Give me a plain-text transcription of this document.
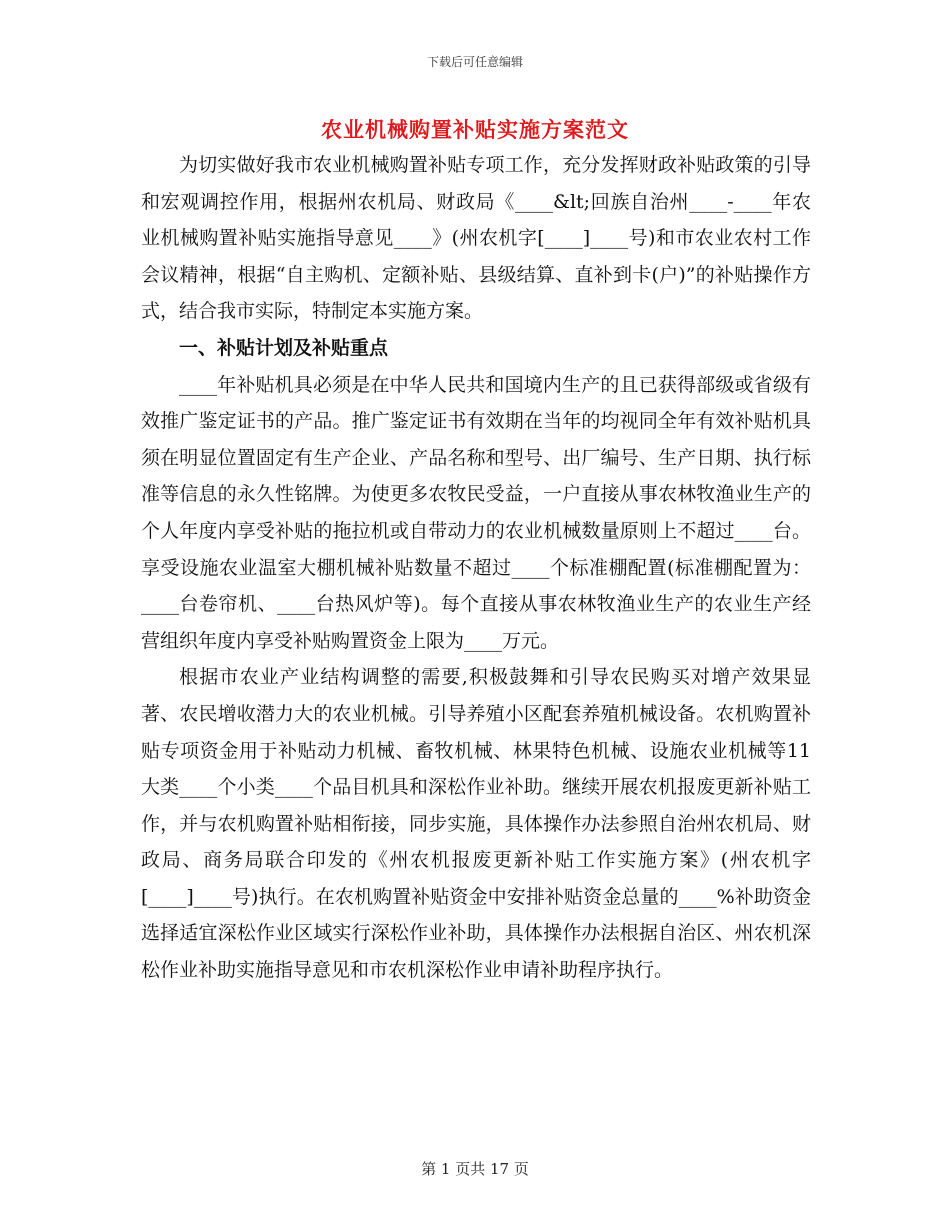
下载后可任意编辑
农业机械购置补贴实施方案范文

为切实做好我市农业机械购置补贴专项工作，充分发挥财政补贴政策的引导和宏观调控作用，根据州农机局、财政局《____&lt;回族自治州____-____年农业机械购置补贴实施指导意见____》(州农机字[____]____号)和市农业农村工作会议精神，根据“自主购机、定额补贴、县级结算、直补到卡(户)”的补贴操作方式，结合我市实际，特制定本实施方案。

一、补贴计划及补贴重点

____年补贴机具必须是在中华人民共和国境内生产的且已获得部级或省级有效推广鉴定证书的产品。推广鉴定证书有效期在当年的均视同全年有效补贴机具须在明显位置固定有生产企业、产品名称和型号、出厂编号、生产日期、执行标准等信息的永久性铭牌。为使更多农牧民受益，一户直接从事农林牧渔业生产的个人年度内享受补贴的拖拉机或自带动力的农业机械数量原则上不超过____台。享受设施农业温室大棚机械补贴数量不超过____个标准棚配置(标准棚配置为：____台卷帘机、____台热风炉等)。每个直接从事农林牧渔业生产的农业生产经营组织年度内享受补贴购置资金上限为____万元。

根据市农业产业结构调整的需要,积极鼓舞和引导农民购买对增产效果显著、农民增收潜力大的农业机械。引导养殖小区配套养殖机械设备。农机购置补贴专项资金用于补贴动力机械、畜牧机械、林果特色机械、设施农业机械等11大类____个小类____个品目机具和深松作业补助。继续开展农机报废更新补贴工作，并与农机购置补贴相衔接，同步实施，具体操作办法参照自治州农机局、财政局、商务局联合印发的《州农机报废更新补贴工作实施方案》(州农机字[____]____号)执行。在农机购置补贴资金中安排补贴资金总量的____%补助资金选择适宜深松作业区域实行深松作业补助，具体操作办法根据自治区、州农机深松作业补助实施指导意见和市农机深松作业申请补助程序执行。

第 1 页共 17 页
